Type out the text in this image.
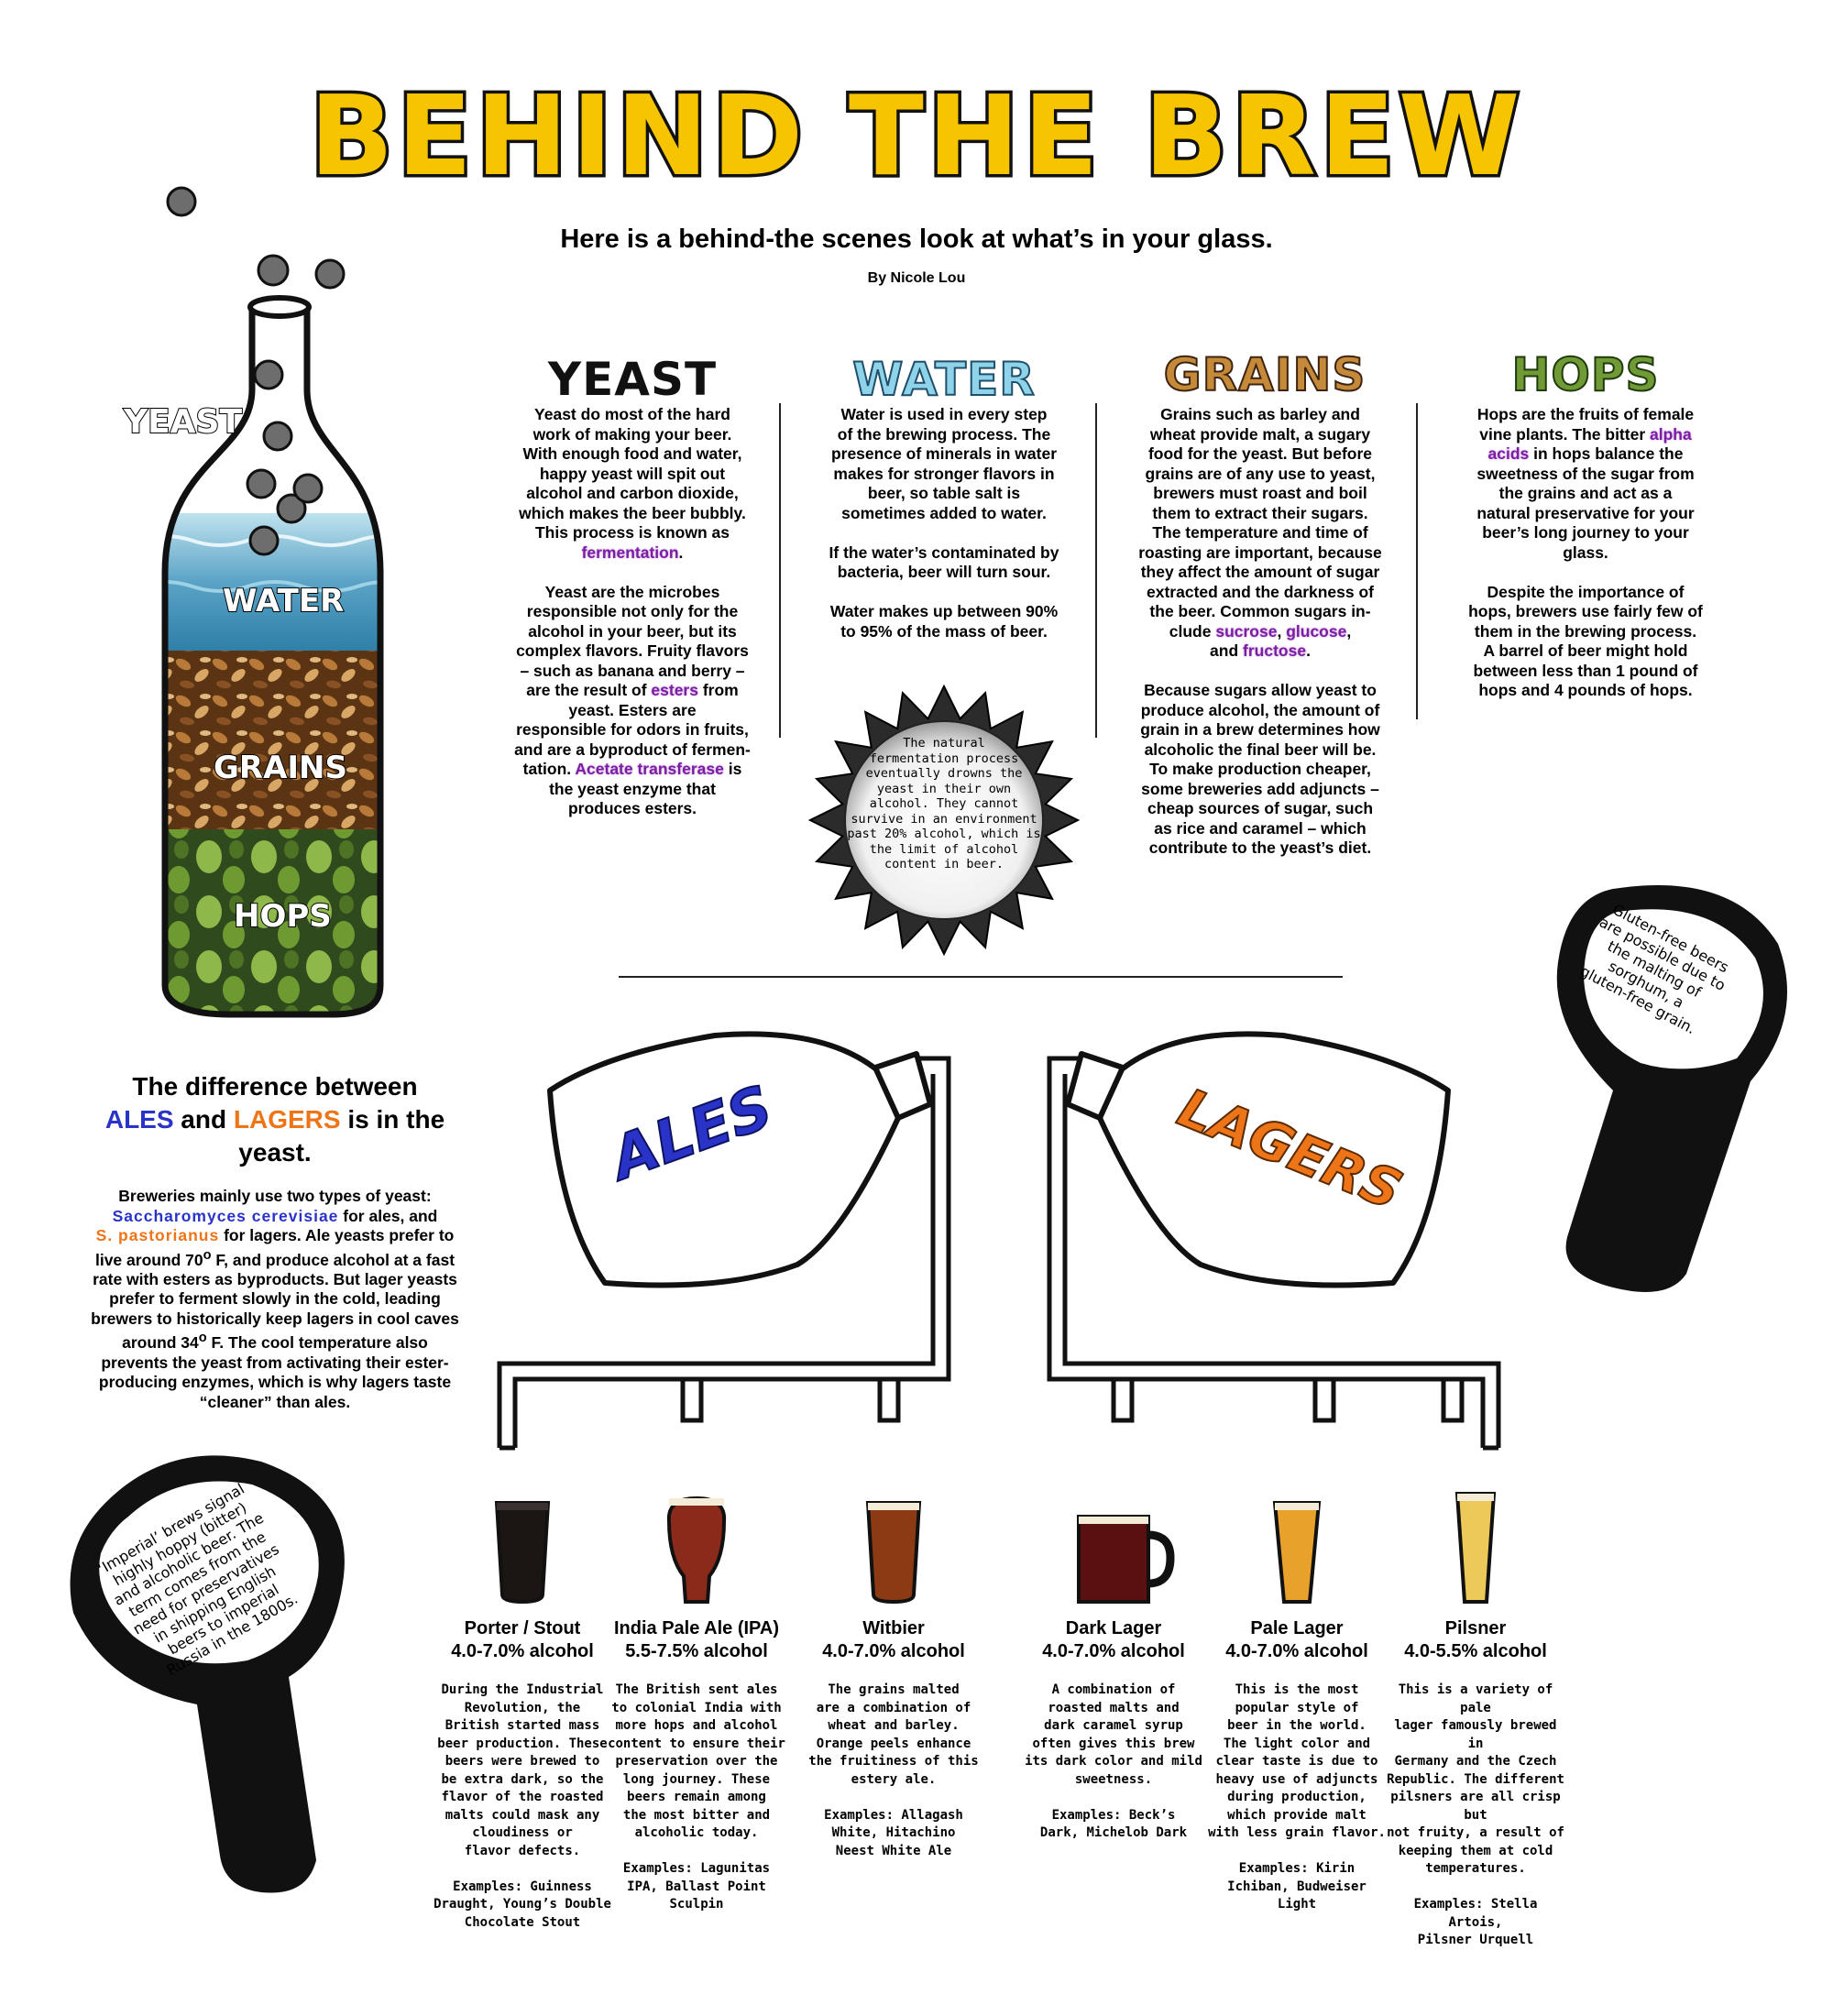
BEHIND THE BREW
Here is a behind-the scenes look at what’s in your glass.
By Nicole Lou
YEAST
WATER
GRAINS
HOPS
YEAST
Yeast do most of the hard
work of making your beer.
With enough food and water,
happy yeast will spit out
alcohol and carbon dioxide,
which makes the beer bubbly.
This process is known as
fermentation.

Yeast are the microbes
responsible not only for the
alcohol in your beer, but its
complex flavors. Fruity flavors
– such as banana and berry –
are the result of esters from
yeast. Esters are
responsible for odors in fruits,
and are a byproduct of fermen-
tation. Acetate transferase is
the yeast enzyme that
produces esters.
WATER
Water is used in every step
of the brewing process. The
presence of minerals in water
makes for stronger flavors in
beer, so table salt is
sometimes added to water.

If the water’s contaminated by
bacteria, beer will turn sour.

Water makes up between 90%
to 95% of the mass of beer.
The natural
fermentation process
eventually drowns the
yeast in their own
alcohol. They cannot
survive in an environment
past 20% alcohol, which is
the limit of alcohol
content in beer.
GRAINS
Grains such as barley and
wheat provide malt, a sugary
food for the yeast. But before
grains are of any use to yeast,
brewers must roast and boil
them to extract their sugars.
The temperature and time of
roasting are important, because
they affect the amount of sugar
extracted and the darkness of
the beer. Common sugars in-
clude sucrose, glucose,
and fructose.

Because sugars allow yeast to
produce alcohol, the amount of
grain in a brew determines how
alcoholic the final beer will be.
To make production cheaper,
some breweries add adjuncts –
cheap sources of sugar, such
as rice and caramel – which
contribute to the yeast’s diet.
HOPS
Hops are the fruits of female
vine plants. The bitter alpha
acids in hops balance the
sweetness of the sugar from
the grains and act as a
natural preservative for your
beer’s long journey to your
glass.

Despite the importance of
hops, brewers use fairly few of
them in the brewing process.
A barrel of beer might hold
between less than 1 pound of
hops and 4 pounds of hops.
The difference between
ALES and LAGERS is in the
yeast.
Breweries mainly use two types of yeast:
Saccharomyces cerevisiae for ales, and
S. pastorianus for lagers. Ale yeasts prefer to live around 70$^o$ F, and produce alcohol at a fast rate with esters as byproducts. But lager yeasts prefer to ferment slowly in the cold, leading brewers to historically keep lagers in cool caves around 34$^o$ F. The cool temperature also prevents the yeast from activating their ester-producing enzymes, which is why lagers taste “cleaner” than ales.
ALES	LAGERS
Gluten-free beers
are possible due to
the malting of
sorghum, a
gluten-free grain.
‘Imperial’ brews signal
highly hoppy (bitter)
and alcoholic beer. The
term comes from the
need for preservatives
in shipping English
beers to imperial
Russia in the 1800s.	Porter / Stout
4.0-7.0% alcohol
During the Industrial
Revolution, the
British started mass
beer production. These
beers were brewed to
be extra dark, so the
flavor of the roasted
malts could mask any
cloudiness or
flavor defects.

Examples: Guinness
Draught, Young’s Double
Chocolate Stout
India Pale Ale (IPA)
5.5-7.5% alcohol
The British sent ales
to colonial India with
more hops and alcohol
content to ensure their
preservation over the
long journey. These
beers remain among
the most bitter and
alcoholic today.

Examples: Lagunitas
IPA, Ballast Point
Sculpin
Witbier
4.0-7.0% alcohol
The grains malted
are a combination of
wheat and barley.
Orange peels enhance
the fruitiness of this
estery ale.

Examples: Allagash
White, Hitachino
Neest White Ale
Dark Lager
4.0-7.0% alcohol
A combination of
roasted malts and
dark caramel syrup
often gives this brew
its dark color and mild
sweetness.

Examples: Beck’s
Dark, Michelob Dark
Pale Lager
4.0-7.0% alcohol
This is the most
popular style of
beer in the world.
The light color and
clear taste is due to
heavy use of adjuncts
during production,
which provide malt
with less grain flavor.

Examples: Kirin
Ichiban, Budweiser
Light
Pilsner
4.0-5.5% alcohol
This is a variety of pale
lager famously brewed in
Germany and the Czech
Republic. The different
pilsners are all crisp but
not fruity, a result of
keeping them at cold
temperatures.

Examples: Stella
Artois,
Pilsner Urquell
